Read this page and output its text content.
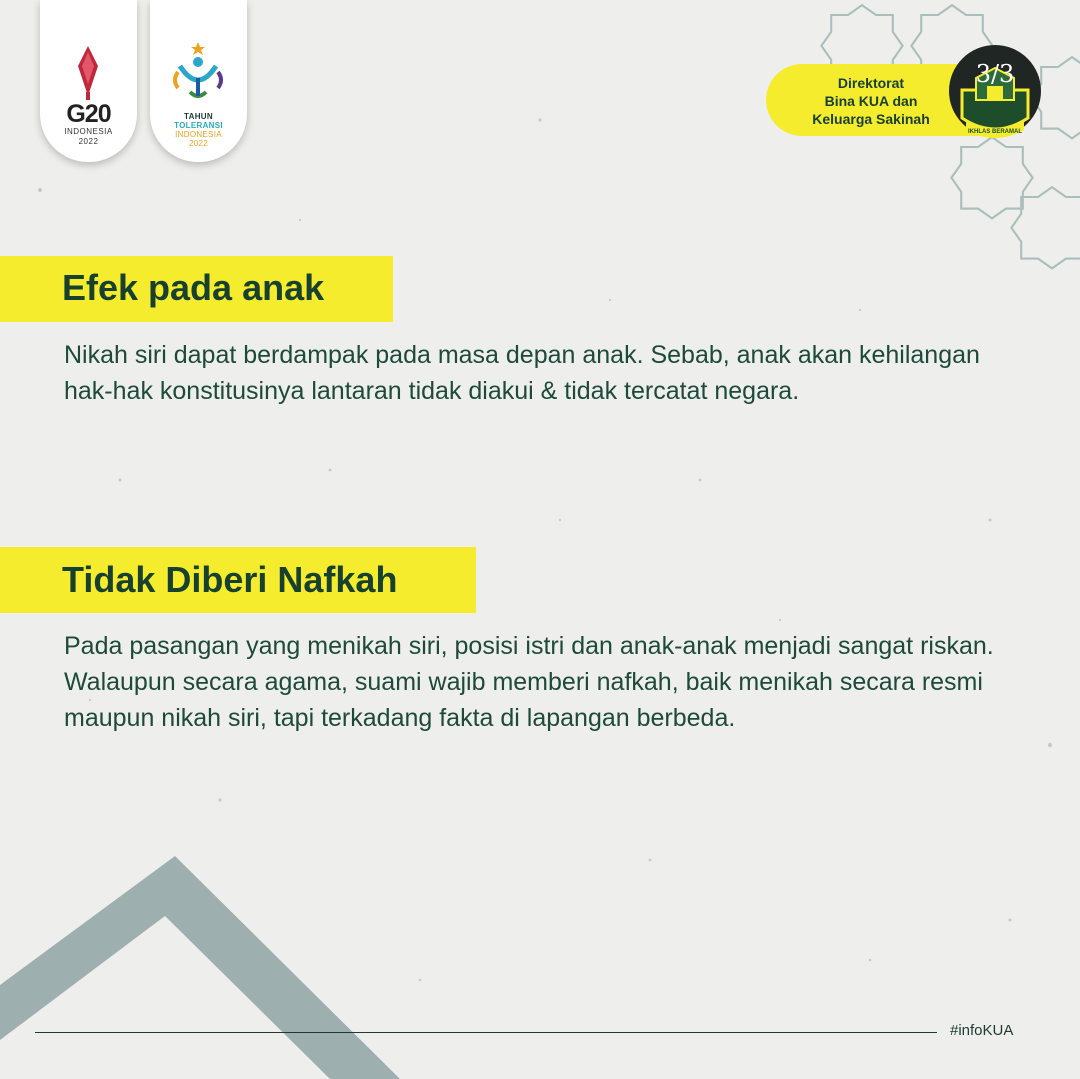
G20
INDONESIA
2022
TAHUN
TOLERANSI
INDONESIA
2022
Direktorat
Bina KUA dan
Keluarga Sakinah
IKHLAS BERAMAL
3/3
Efek pada anak

Nikah siri dapat berdampak pada masa depan anak. Sebab, anak akan kehilangan hak-hak konstitusinya lantaran tidak diakui & tidak tercatat negara.

Tidak Diberi Nafkah

Pada pasangan yang menikah siri, posisi istri dan anak-anak menjadi sangat riskan. Walaupun secara agama, suami wajib memberi nafkah, baik menikah secara resmi maupun nikah siri, tapi terkadang fakta di lapangan berbeda.

#infoKUA
